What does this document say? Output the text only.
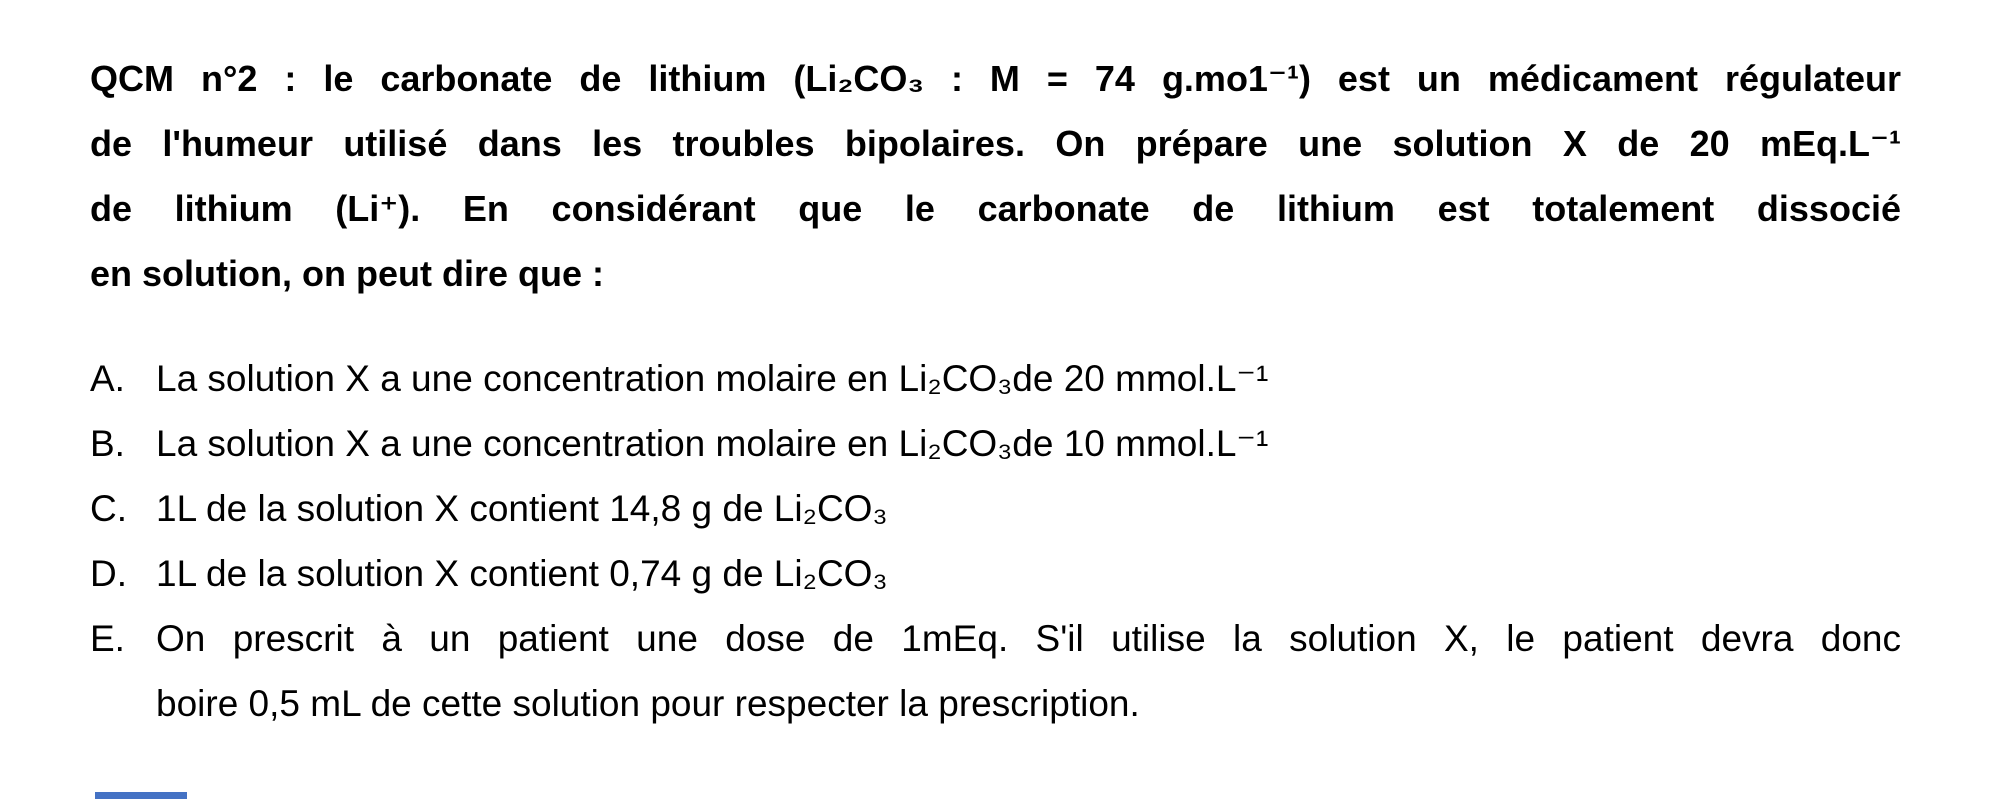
QCM n°2 : le carbonate de lithium (Li₂CO₃ : M = 74 g.mo1⁻¹) est un médicament régulateur
de l'humeur utilisé dans les troubles bipolaires. On prépare une solution X de 20 mEq.L⁻¹
de lithium (Li⁺). En considérant que le carbonate de lithium est totalement dissocié
en solution, on peut dire que :
A. La solution X a une concentration molaire en Li₂CO₃de 20 mmol.L⁻¹
B. La solution X a une concentration molaire en Li₂CO₃de 10 mmol.L⁻¹
C. 1L de la solution X contient 14,8 g de Li₂CO₃
D. 1L de la solution X contient 0,74 g de Li₂CO₃
E. On prescrit à un patient une dose de 1mEq. S'il utilise la solution X, le patient devra donc
boire 0,5 mL de cette solution pour respecter la prescription.
